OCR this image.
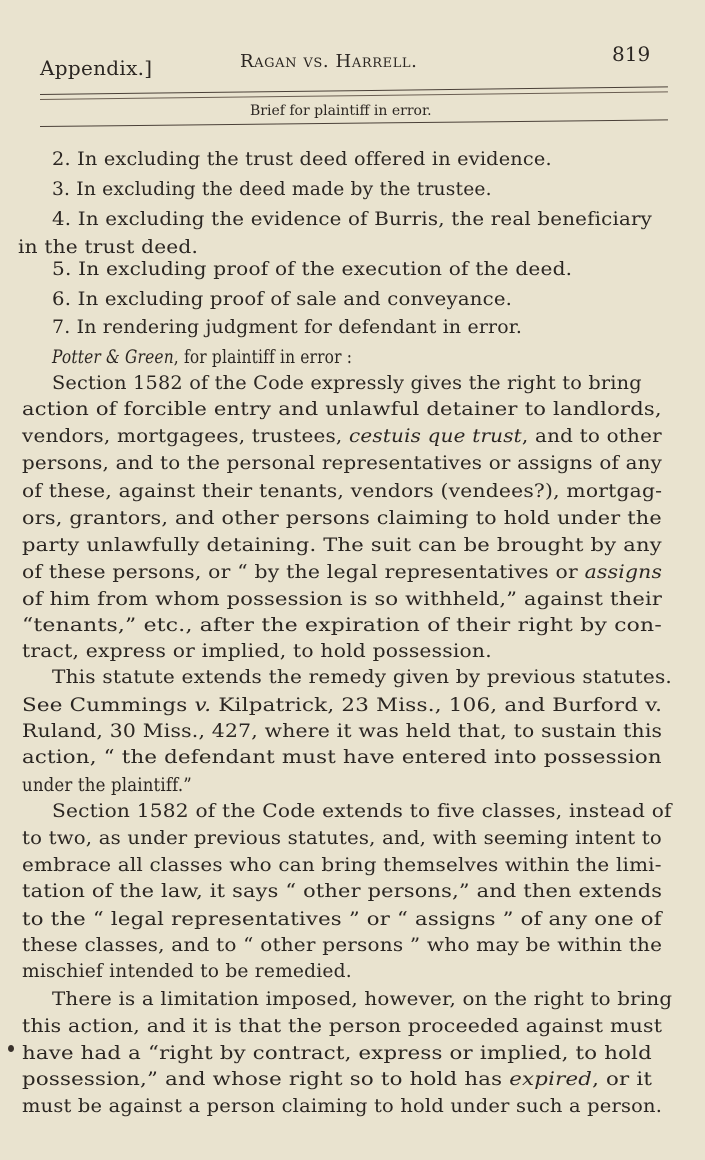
Appendix.]	Ragan vs. Harrell.	819
Brief for plaintiff in error.
2. In excluding the trust deed offered in evidence.
3. In excluding the deed made by the trustee.
4. In excluding the evidence of Burris, the real beneficiary
in the trust deed.
5. In excluding proof of the execution of the deed.
6. In excluding proof of sale and conveyance.
7. In rendering judgment for defendant in error.
Potter & Green, for plaintiff in error :
Section 1582 of the Code expressly gives the right to bring
action of forcible entry and unlawful detainer to landlords,
vendors, mortgagees, trustees, cestuis que trust, and to other
persons, and to the personal representatives or assigns of any
of these, against their tenants, vendors (vendees?), mortgag-
ors, grantors, and other persons claiming to hold under the
party unlawfully detaining. The suit can be brought by any
of these persons, or “ by the legal representatives or assigns
of him from whom possession is so withheld,” against their
“tenants,” etc., after the expiration of their right by con-
tract, express or implied, to hold possession.
This statute extends the remedy given by previous statutes.
See Cummings v. Kilpatrick, 23 Miss., 106, and Burford v.
Ruland, 30 Miss., 427, where it was held that, to sustain this
action, “ the defendant must have entered into possession
under the plaintiff.”
Section 1582 of the Code extends to five classes, instead of
to two, as under previous statutes, and, with seeming intent to
embrace all classes who can bring themselves within the limi-
tation of the law, it says “ other persons,” and then extends
to the “ legal representatives ” or “ assigns ” of any one of
these classes, and to “ other persons ” who may be within the
mischief intended to be remedied.
There is a limitation imposed, however, on the right to bring
this action, and it is that the person proceeded against must
have had a “right by contract, express or implied, to hold
possession,” and whose right so to hold has expired, or it
must be against a person claiming to hold under such a person.
